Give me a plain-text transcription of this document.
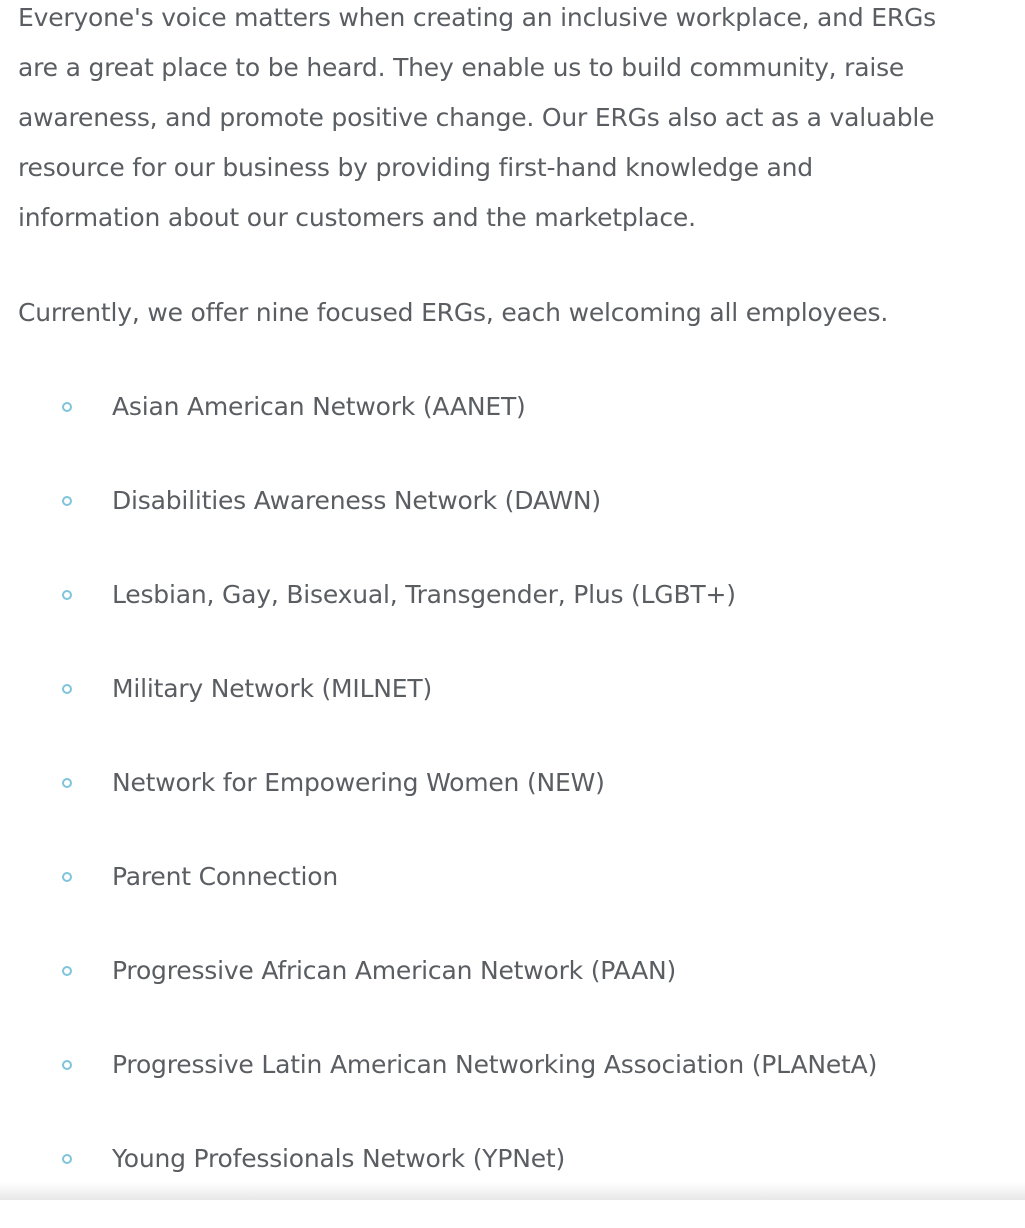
Everyone's voice matters when creating an inclusive workplace, and ERGs
are a great place to be heard. They enable us to build community, raise
awareness, and promote positive change. Our ERGs also act as a valuable
resource for our business by providing first-hand knowledge and
information about our customers and the marketplace.

Currently, we offer nine focused ERGs, each welcoming all employees.

Asian American Network (AANET)
Disabilities Awareness Network (DAWN)
Lesbian, Gay, Bisexual, Transgender, Plus (LGBT+)
Military Network (MILNET)
Network for Empowering Women (NEW)
Parent Connection
Progressive African American Network (PAAN)
Progressive Latin American Networking Association (PLANetA)
Young Professionals Network (YPNet)
